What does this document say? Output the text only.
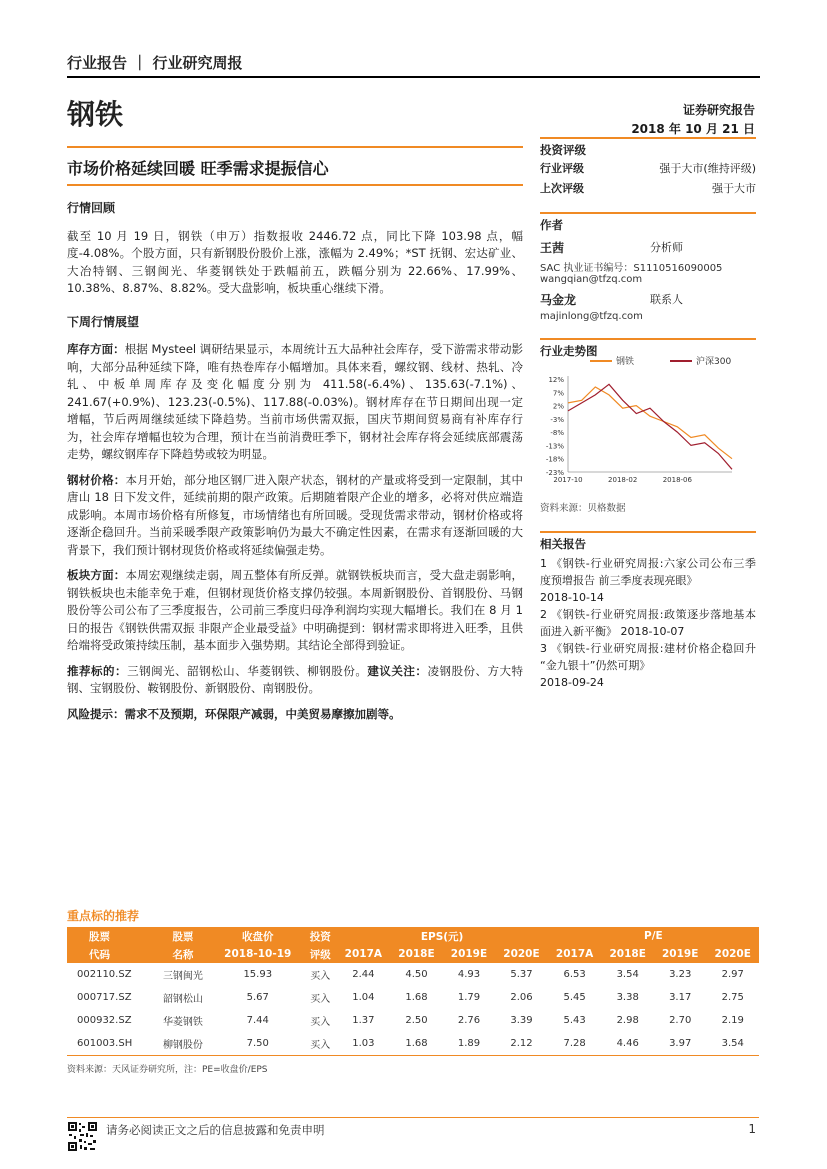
行业报告 ｜ 行业研究周报
钢铁	证券研究报告
2018 年 10 月 21 日
市场价格延续回暖 旺季需求提振信心
行情回顾
截至 10 月 19 日，钢铁（申万）指数报收 2446.72 点，同比下降 103.98 点，幅度-4.08%。个股方面，只有新钢股份股价上涨，涨幅为 2.49%；*ST 抚钢、宏达矿业、大冶特钢、三钢闽光、华菱钢铁处于跌幅前五，跌幅分别为 22.66%、17.99%、10.38%、8.87%、8.82%。受大盘影响，板块重心继续下滑。
下周行情展望
库存方面：根据 Mysteel 调研结果显示，本周统计五大品种社会库存，受下游需求带动影响，大部分品种延续下降，唯有热卷库存小幅增加。具体来看，螺纹钢、线材、热轧、冷轧、中板单周库存及变化幅度分别为 411.58(-6.4%)、135.63(-7.1%)、241.67(+0.9%)、123.23(-0.5%)、117.88(-0.03%)。钢材库存在节日期间出现一定增幅，节后两周继续延续下降趋势。当前市场供需双振，国庆节期间贸易商有补库存行为，社会库存增幅也较为合理，预计在当前消费旺季下，钢材社会库存将会延续底部震荡走势，螺纹钢库存下降趋势或较为明显。
钢材价格：本月开始，部分地区钢厂进入限产状态，钢材的产量或将受到一定限制，其中唐山 18 日下发文件，延续前期的限产政策。后期随着限产企业的增多，必将对供应端造成影响。本周市场价格有所修复，市场情绪也有所回暖。受现货需求带动，钢材价格或将逐渐企稳回升。当前采暖季限产政策影响仍为最大不确定性因素，在需求有逐渐回暖的大背景下，我们预计钢材现货价格或将延续偏强走势。
板块方面：本周宏观继续走弱，周五整体有所反弹。就钢铁板块而言，受大盘走弱影响，钢铁板块也未能幸免于难，但钢材现货价格支撑仍较强。本周新钢股份、首钢股份、马钢股份等公司公布了三季度报告，公司前三季度归母净利润均实现大幅增长。我们在 8 月 1 日的报告《钢铁供需双振 非限产企业最受益》中明确提到：钢材需求即将进入旺季，且供给端将受政策持续压制，基本面步入强势期。其结论全部得到验证。
推荐标的：三钢闽光、韶钢松山、华菱钢铁、柳钢股份。建议关注：凌钢股份、方大特钢、宝钢股份、鞍钢股份、新钢股份、南钢股份。
风险提示：需求不及预期，环保限产减弱，中美贸易摩擦加剧等。
投资评级
行业评级	强于大市(维持评级)
上次评级	强于大市
作者
王茜	分析师
SAC 执业证书编号：S1110516090005
wangqian@tfzq.com
马金龙	联系人
majinlong@tfzq.com
行业走势图
钢铁	沪深300
12%
7%
2%
-3%
-8%
-13%
-18%
-23%
2017-10	2018-02	2018-06
资料来源：贝格数据
相关报告
1 《钢铁-行业研究周报:六家公司公布三季度预增报告 前三季度表现亮眼》
2018-10-14
2 《钢铁-行业研究周报:政策逐步落地基本面进入新平衡》 2018-10-07
3 《钢铁-行业研究周报:建材价格企稳回升 “金九银十”仍然可期》
2018-09-24
重点标的推荐
股票	股票	收盘价	投资	EPS(元)				P/E			
代码	名称	2018-10-19	评级	2017A	2018E	2019E	2020E	2017A	2018E	2019E	2020E
002110.SZ	三钢闽光	15.93	买入	2.44	4.50	4.93	5.37	6.53	3.54	3.23	2.97
000717.SZ	韶钢松山	5.67	买入	1.04	1.68	1.79	2.06	5.45	3.38	3.17	2.75
000932.SZ	华菱钢铁	7.44	买入	1.37	2.50	2.76	3.39	5.43	2.98	2.70	2.19
601003.SH	柳钢股份	7.50	买入	1.03	1.68	1.89	2.12	7.28	4.46	3.97	3.54
资料来源：天风证券研究所，注：PE=收盘价/EPS
请务必阅读正文之后的信息披露和免责申明	1
